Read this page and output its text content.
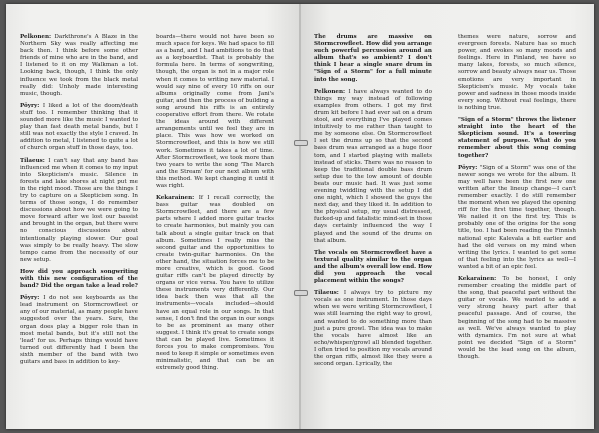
Pelkonen: Darkthrone's A Blaze in the Northern Sky was really affecting me back then. I think before some other friends of mine who are in the band, and I listened to it on my Walkman a lot. Looking back, though, I think the only influence we took from the black metal really did: Unholy made interesting music, though.

Pöyry: I liked a lot of the doom/death stuff too. I remember thinking that it sounded more like the music I wanted to play than fast death metal bands, but I still was not exactly the style I craved. In addition to metal, I listened to quite a lot of church organ stuff in those days, too.

Tilaeus: I can't say that any band has influenced me when it comes to my input into Skepticism's music. Silence in forests and lake shores at night put me in the right mood. Those are the things I try to capture on a Skepticism song. In terms of those songs, I do remember discussions about how we were going to move forward after we lost our bassist and brought in the organ, but there were no conscious discussions about intentionally playing slower. Our goal was simply to be really heavy. The slow tempo came from the necessity of our new setup.

How did you approach songwriting with this new configuration of the band? Did the organ take a lead role?

Pöyry: I do not see keyboards as the lead instrument on Stormcrowfleet or any of our material, as many people have suggested over the years. Sure, the organ does play a bigger role than in most metal bands, but it's still not the 'lead' for us. Perhaps things would have turned out differently had I been the sixth member of the band with two guitars and bass in addition to key-

boards—there would not have been so much space for keys. We had space to fill as a band, and I had ambitions to do that as a keyboardist. That is probably the formula here. In terms of songwriting, though, the organ is not in a major role when it comes to writing new material. I would say nine of every 10 riffs on our albums originally come from Jani's guitar, and then the process of building a song around his riffs is an entirely cooperative effort from there. We rotate the ideas around with different arrangements until we feel they are in place. This was how we worked on Stormcrowfleet, and this is how we still work. Sometimes it takes a lot of time. After Stormcrowfleet, we took more than two years to write the song 'The March and the Stream' for our next album with this method. We kept changing it until it was right.

Kekarainen: If I recall correctly, the bass guitar was doubled on Stormcrowfleet, and there are a few parts where I added more guitar tracks to create harmonies, but mainly you can talk about a single guitar track on that album. Sometimes I really miss the second guitar and the opportunities to create twin-guitar harmonies. On the other hand, the situation forces me to be more creative, which is good. Good guitar riffs can't be played directly by organs or vice versa. You have to utilize these instruments very differently. Our idea back then was that all the instruments—vocals included—should have an equal role in our songs. In that sense, I don't find the organ in our songs to be as prominent as many other suggest. I think it's great to create songs that can be played live. Sometimes it forces you to make compromises. You need to keep it simple or sometimes even minimalistic, and that can be an extremely good thing.

The drums are massive on Stormcrowfleet. How did you arrange such powerful percussion around an album that's so ambient? I don't think I hear a single snare drum in "Sign of a Storm" for a full minute into the song.

Pelkonen: I have always wanted to do things my way instead of following examples from others. I got my first drum kit before I had ever sat on a drum stool, and everything I've played comes intuitively to me rather than taught to me by someone else. On Stormcrowfleet I set the drums up so that the second bass drum was arranged as a huge floor tom, and I started playing with mallets instead of sticks. There was no reason to keep the traditional double bass drum setup due to the low amount of double beats our music had. It was just some evening twiddling with the setup I did one night, which I showed the guys the next day, and they liked it. In addition to the physical setup, my usual distressed, fucked-up and fatalistic mind-set in those days certainly influenced the way I played and the sound of the drums on that album.

The vocals on Stormcrowfleet have a textural quality similar to the organ and the album's overall low end. How did you approach the vocal placement within the songs?

Tilaeus: I always try to picture my vocals as one instrument. In those days when we were writing Stormcrowfleet, I was still learning the right way to growl, and wanted to do something more than just a pure growl. The idea was to make the vocals have almost like an echo/whisper/growl all blended together. I often tried to position my vocals around the organ riffs, almost like they were a second organ. Lyrically, the

themes were nature, sorrow and evergreen forests. Nature has so much power, and evokes so many moods and feelings. Here in Finland, we have so many lakes, forests, so much silence, sorrow and beauty always near us. Those emotions are very important in Skepticism's music. My vocals take power and sadness in those moods inside every song. Without real feelings, there is nothing true.

"Sign of a Storm" throws the listener straight into the heart of the Skepticism sound. It's a towering statement of purpose. What do you remember about this song coming together?

Pöyry: "Sign of a Storm" was one of the newer songs we wrote for the album. It may well have been the first new one written after the lineup change—I can't remember exactly. I do still remember the moment when we played the opening riff for the first time together, though. We nailed it on the first try. This is probably one of the origins for the song title, too. I had been reading the Finnish national epic Kalevala a bit earlier and had the old verses on my mind when writing the lyrics. I wanted to get some of that feeling into the lyrics as well—I wanted a bit of an epic feel.

Kekarainen: To be honest, I only remember creating the middle part of the song, that peaceful part without the guitar or vocals. We wanted to add a very strong heavy part after that peaceful passage. And of course, the beginning of the song had to be massive as well. We've always wanted to play with dynamics. I'm not sure at what point we decided "Sign of a Storm" would be the lead song on the album, though.
